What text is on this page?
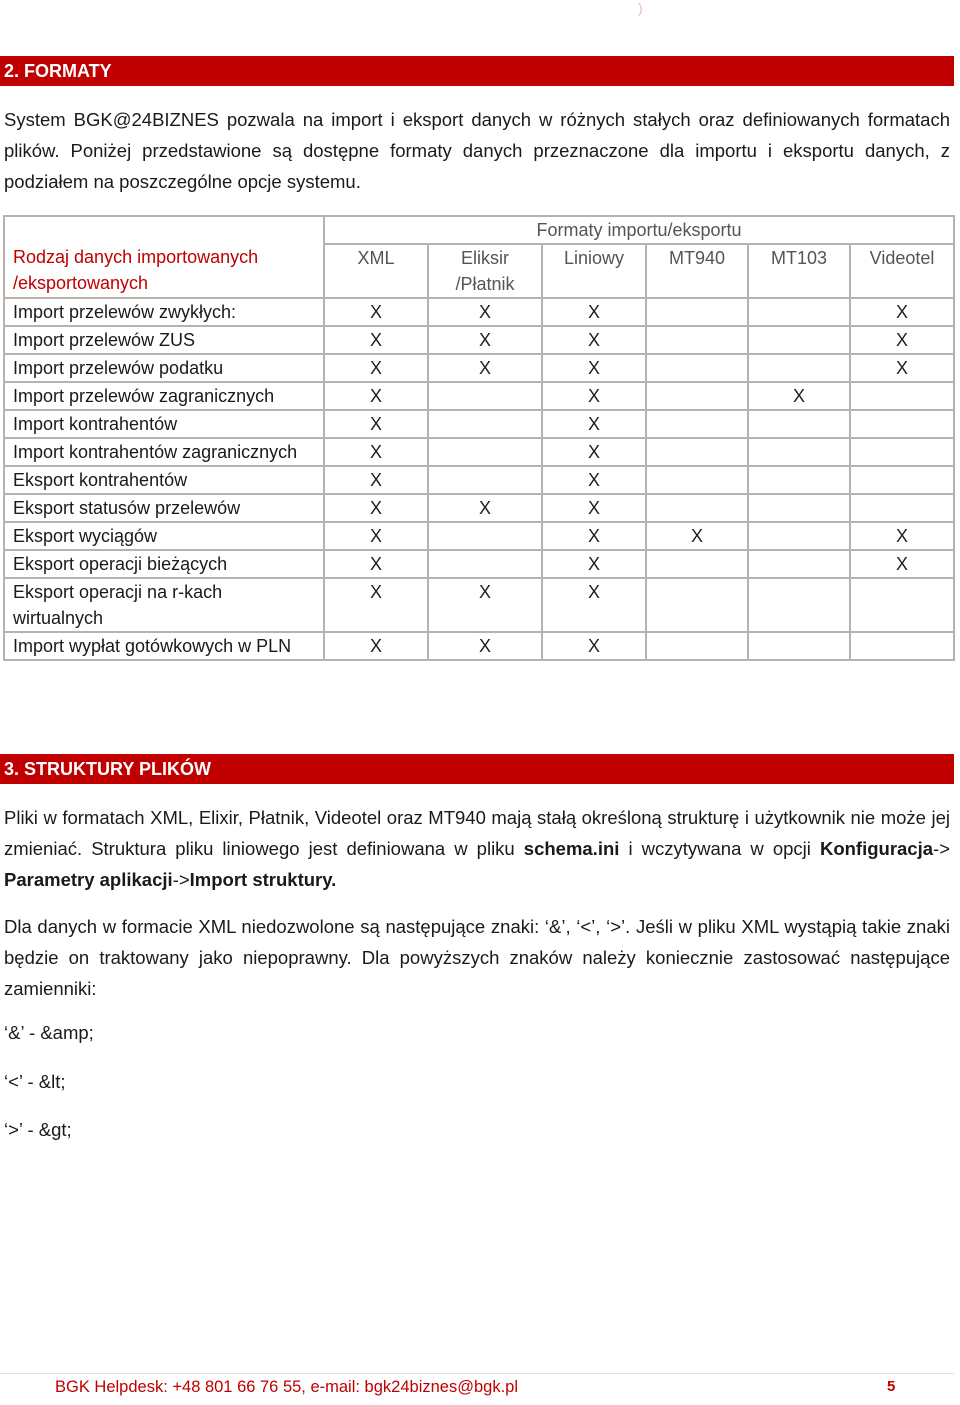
)
2. FORMATY
System BGK@24BIZNES pozwala na import i eksport danych w różnych stałych oraz definiowanych formatach plików. Poniżej przedstawione są dostępne formaty danych przeznaczone dla importu i eksportu danych, z podziałem na poszczególne opcje systemu.
	Formaty importu/eksportu					
Rodzaj danych importowanych /eksportowanych	XML	Eliksir /Płatnik	Liniowy	MT940	MT103	Videotel
Import przelewów zwykłych:	X	X	X			X
Import przelewów ZUS	X	X	X			X
Import przelewów podatku	X	X	X			X
Import przelewów zagranicznych	X		X		X	
Import kontrahentów	X		X			
Import kontrahentów zagranicznych	X		X			
Eksport kontrahentów	X		X			
Eksport statusów przelewów	X	X	X			
Eksport wyciągów	X		X	X		X
Eksport operacji bieżących	X		X			X
Eksport operacji na r-kach wirtualnych	X	X	X			
Import wypłat gotówkowych w PLN	X	X	X			
3. STRUKTURY PLIKÓW
Pliki w formatach XML, Elixir, Płatnik, Videotel oraz MT940 mają stałą określoną strukturę i użytkownik nie może jej zmieniać. Struktura pliku liniowego jest definiowana w pliku schema.ini i wczytywana w opcji Konfiguracja-> Parametry aplikacji->Import struktury.
Dla danych w formacie XML niedozwolone są następujące znaki: ‘&’, ‘<’, ‘>’. Jeśli w pliku XML wystąpią takie znaki będzie on traktowany jako niepoprawny. Dla powyższych znaków należy koniecznie zastosować następujące zamienniki:
‘&’ - &amp;
‘<’ - &lt;
‘>’ - &gt;
BGK Helpdesk: +48 801 66 76 55, e-mail: bgk24biznes@bgk.pl	5
